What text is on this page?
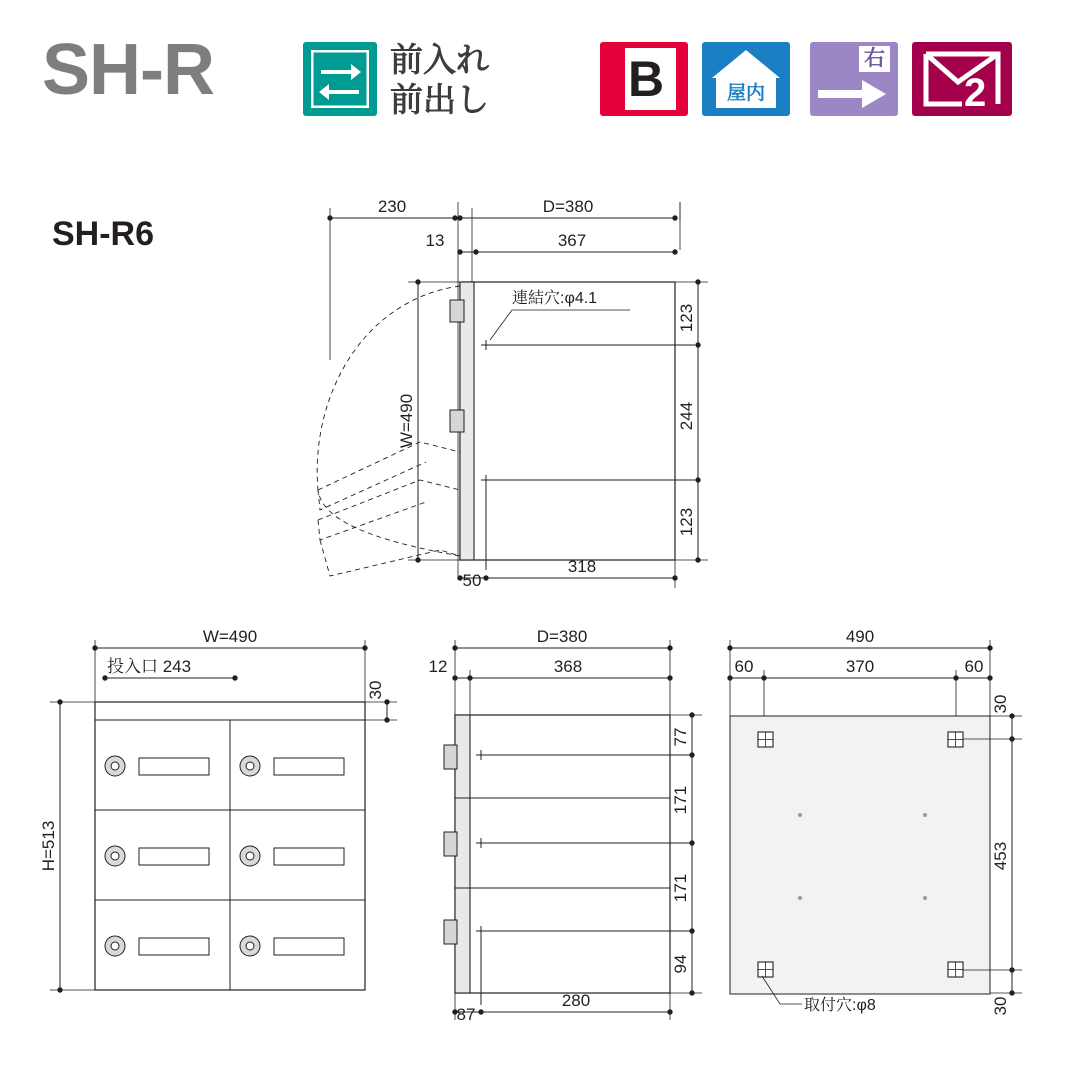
SH-R	前入れ
前出し	B	屋内
右
2
SH-R6
230	D=380
13	367
連結穴:φ4.1
123
244
123
W=490
50
318
W=490
投入口 243
30
H=513
D=380
12	368
77
171
171
94
87
280
490
60	370	60
取付穴:φ8
30
453
30
